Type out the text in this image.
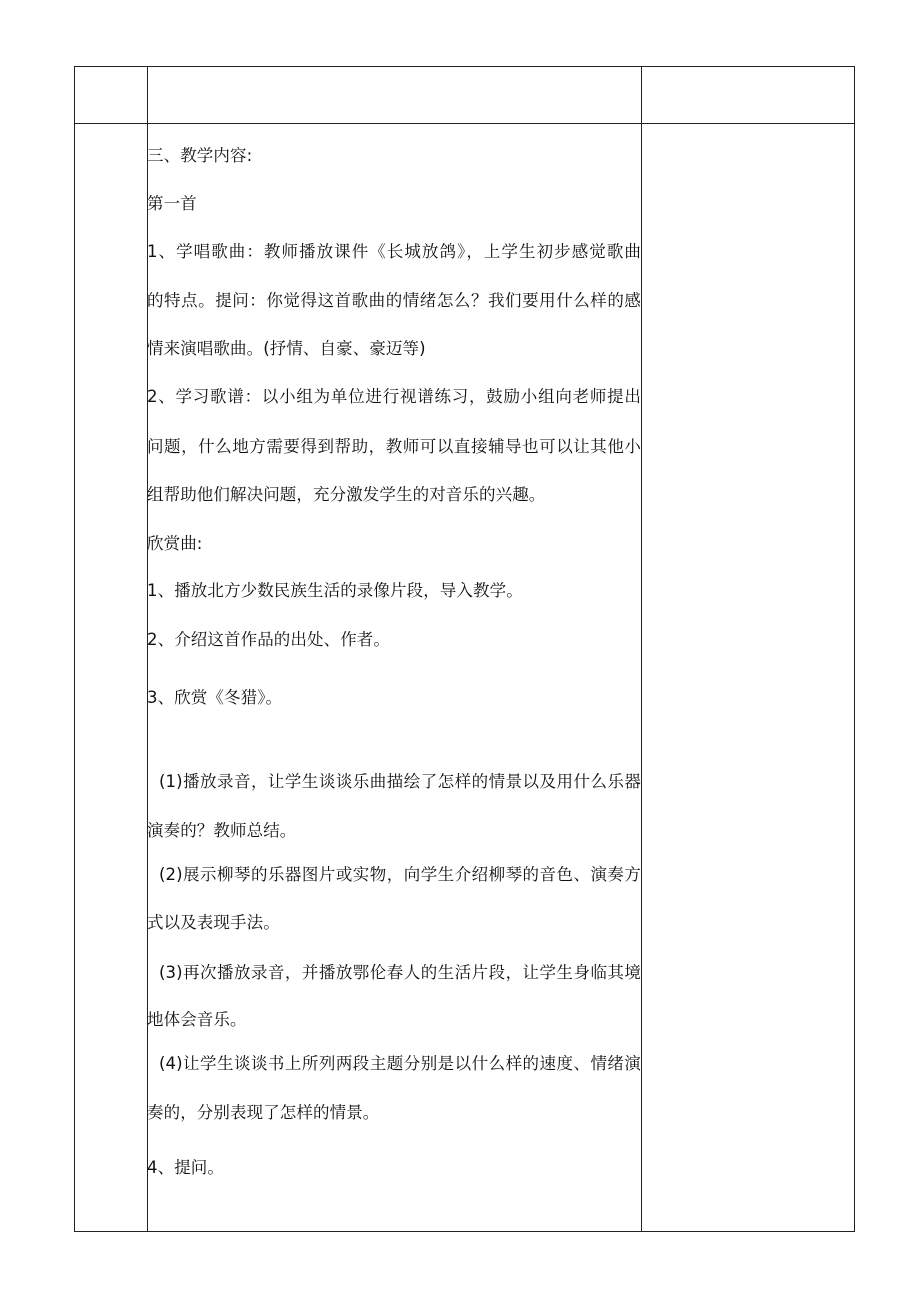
三、教学内容:
第一首
1、学唱歌曲：教师播放课件《长城放鸽》，上学生初步感觉歌曲
的特点。提问：你觉得这首歌曲的情绪怎么？我们要用什么样的感
情来演唱歌曲。(抒情、自豪、豪迈等)
2、学习歌谱：以小组为单位进行视谱练习，鼓励小组向老师提出
问题，什么地方需要得到帮助，教师可以直接辅导也可以让其他小
组帮助他们解决问题，充分激发学生的对音乐的兴趣。
欣赏曲:
1、播放北方少数民族生活的录像片段，导入教学。
2、介绍这首作品的出处、作者。
3、欣赏《冬猎》。
(1)播放录音，让学生谈谈乐曲描绘了怎样的情景以及用什么乐器
演奏的？教师总结。
(2)展示柳琴的乐器图片或实物，向学生介绍柳琴的音色、演奏方
式以及表现手法。
(3)再次播放录音，并播放鄂伦春人的生活片段，让学生身临其境
地体会音乐。
(4)让学生谈谈书上所列两段主题分别是以什么样的速度、情绪演
奏的，分别表现了怎样的情景。
4、提问。
